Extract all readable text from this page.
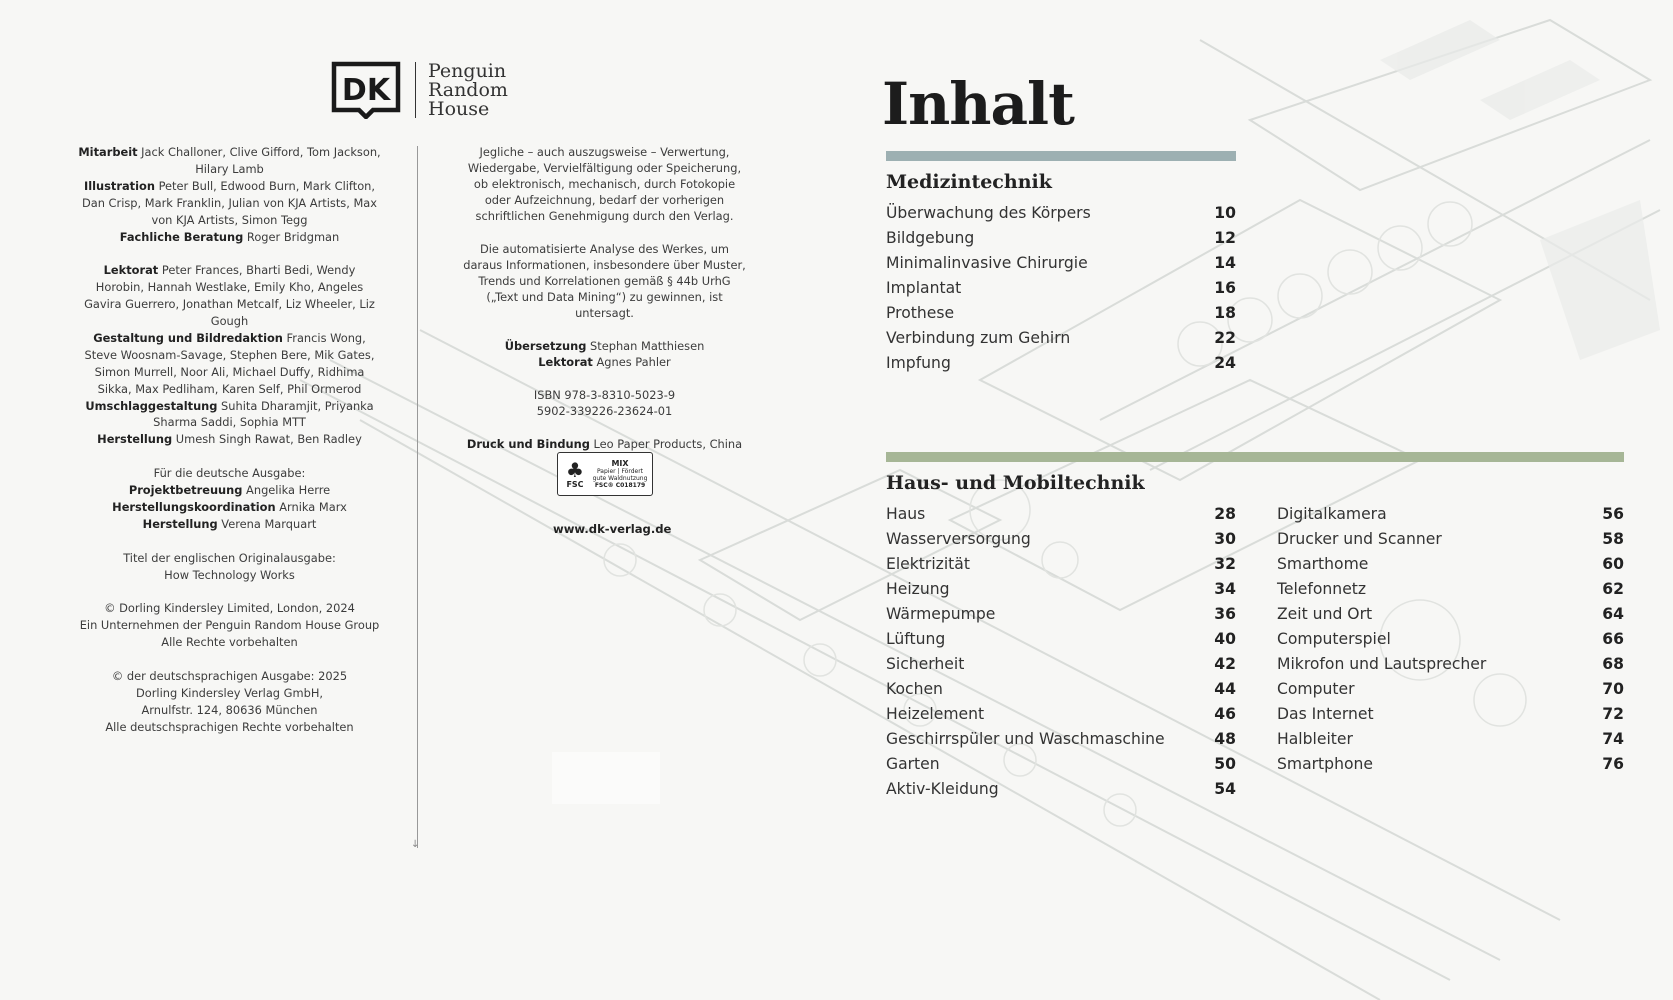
DK
Penguin
Random
House

Mitarbeit Jack Challoner, Clive Gifford, Tom Jackson, Hilary Lamb
Illustration Peter Bull, Edwood Burn, Mark Clifton, Dan Crisp, Mark Franklin, Julian von KJA Artists, Max von KJA Artists, Simon Tegg
Fachliche Beratung Roger Bridgman

Lektorat Peter Frances, Bharti Bedi, Wendy Horobin, Hannah Westlake, Emily Kho, Angeles Gavira Guerrero, Jonathan Metcalf, Liz Wheeler, Liz Gough
Gestaltung und Bildredaktion Francis Wong, Steve Woosnam-Savage, Stephen Bere, Mik Gates, Simon Murrell, Noor Ali, Michael Duffy, Ridhima Sikka, Max Pedliham, Karen Self, Phil Ormerod
Umschlaggestaltung Suhita Dharamjit, Priyanka Sharma Saddi, Sophia MTT
Herstellung Umesh Singh Rawat, Ben Radley

Für die deutsche Ausgabe:
Projektbetreuung Angelika Herre
Herstellungskoordination Arnika Marx
Herstellung Verena Marquart

Titel der englischen Originalausgabe:
How Technology Works

© Dorling Kindersley Limited, London, 2024
Ein Unternehmen der Penguin Random House Group
Alle Rechte vorbehalten

© der deutschsprachigen Ausgabe: 2025
Dorling Kindersley Verlag GmbH,
Arnulfstr. 124, 80636 München
Alle deutschsprachigen Rechte vorbehalten

↓

Jegliche – auch auszugsweise – Verwertung, Wiedergabe, Vervielfältigung oder Speicherung, ob elektronisch, mechanisch, durch Fotokopie oder Aufzeichnung, bedarf der vorherigen schriftlichen Genehmigung durch den Verlag.

Die automatisierte Analyse des Werkes, um daraus Informationen, insbesondere über Muster, Trends und Korrelationen gemäß § 44b UrhG („Text und Data Mining“) zu gewinnen, ist untersagt.

Übersetzung Stephan Matthiesen
Lektorat Agnes Pahler

ISBN 978-3-8310-5023-9
5902-339226-23624-01

Druck und Bindung Leo Paper Products, China

♣
FSC
MIX
Papier | Fördert
gute Waldnutzung
FSC® C018179
www.dk-verlag.de
Inhalt
Medizintechnik
Überwachung des Körpers	10
Bildgebung	12
Minimalinvasive Chirurgie	14
Implantat	16
Prothese	18
Verbindung zum Gehirn	22
Impfung	24
Haus- und Mobiltechnik
Haus	28
Wasserversorgung	30
Elektrizität	32
Heizung	34
Wärmepumpe	36
Lüftung	40
Sicherheit	42
Kochen	44
Heizelement	46
Geschirrspüler und Waschmaschine	48
Garten	50
Aktiv-Kleidung	54
Digitalkamera	56
Drucker und Scanner	58
Smarthome	60
Telefonnetz	62
Zeit und Ort	64
Computerspiel	66
Mikrofon und Lautsprecher	68
Computer	70
Das Internet	72
Halbleiter	74
Smartphone	76
